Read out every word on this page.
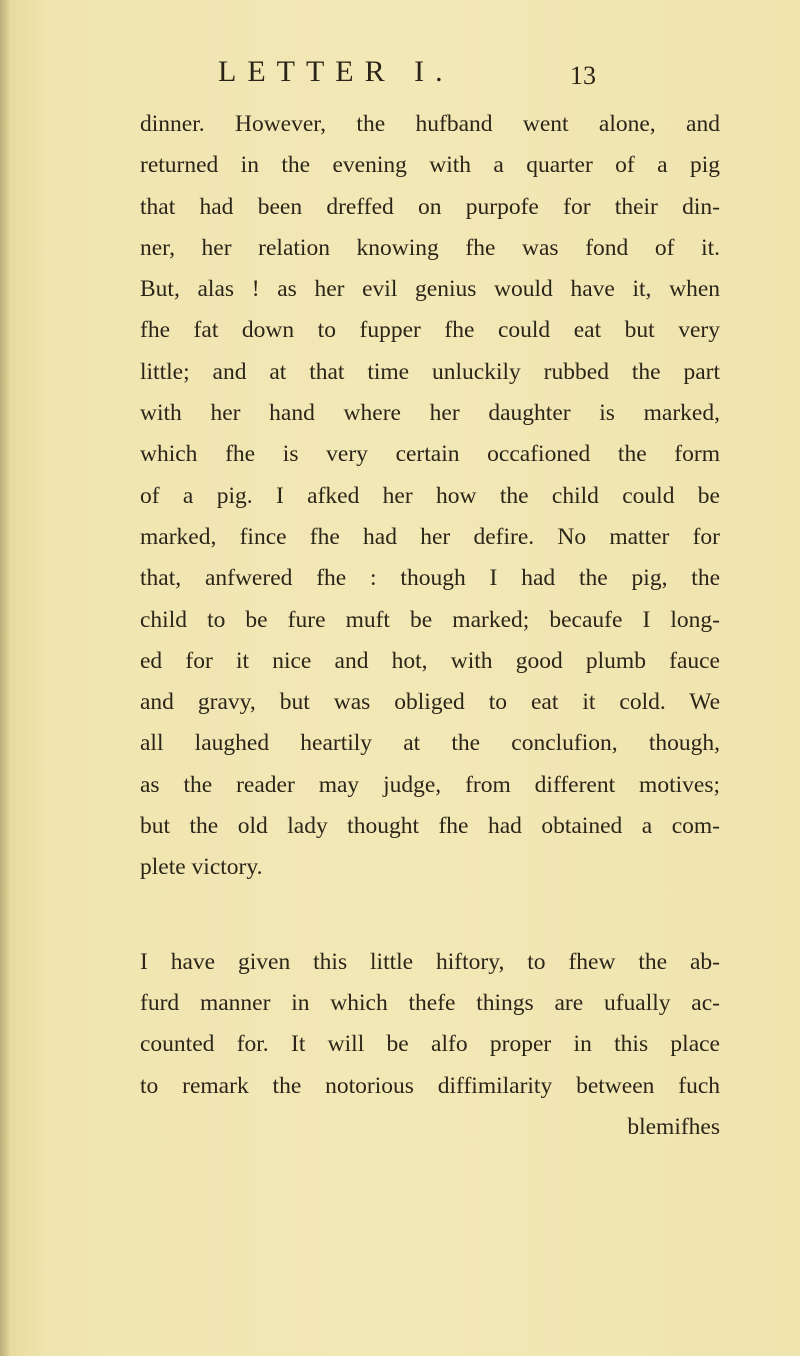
LETTER I.	13
dinner. However, the hufband went alone, and
returned in the evening with a quarter of a pig
that had been dreffed on purpofe for their din-
ner, her relation knowing fhe was fond of it.
But, alas ! as her evil genius would have it, when
fhe fat down to fupper fhe could eat but very
little; and at that time unluckily rubbed the part
with her hand where her daughter is marked,
which fhe is very certain occafioned the form
of a pig. I afked her how the child could be
marked, fince fhe had her defire. No matter for
that, anfwered fhe : though I had the pig, the
child to be fure muft be marked; becaufe I long-
ed for it nice and hot, with good plumb fauce
and gravy, but was obliged to eat it cold. We
all laughed heartily at the conclufion, though,
as the reader may judge, from different motives;
but the old lady thought fhe had obtained a com-
plete victory.
I have given this little hiftory, to fhew the ab-
furd manner in which thefe things are ufually ac-
counted for. It will be alfo proper in this place
to remark the notorious diffimilarity between fuch
blemifhes
